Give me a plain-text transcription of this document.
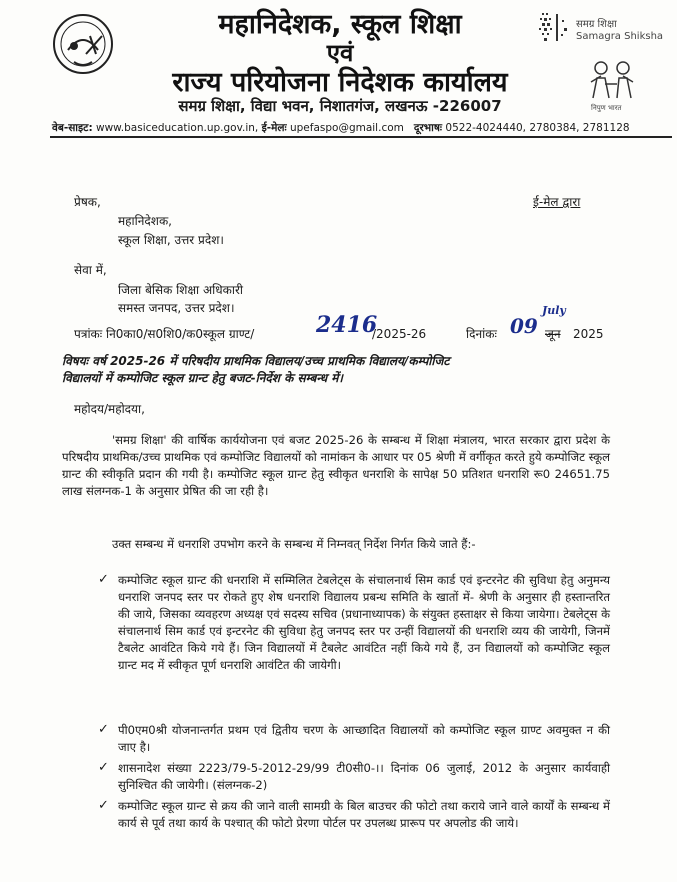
महानिदेशक, स्कूल शिक्षा
एवं
राज्य परियोजना निदेशक कार्यालय
समग्र शिक्षा, विद्या भवन, निशातगंज, लखनऊ -226007
समग्र शिक्षा
Samagra Shiksha
निपुण भारत
वेब-साइट: www.basiceducation.up.gov.in, ई-मेलः upefaspo@gmail.com दूरभाषः 0522-4024440, 2780384, 2781128
प्रेषक,	ई-मेल द्वारा
महानिदेशक,
स्कूल शिक्षा, उत्तर प्रदेश।
सेवा में,
जिला बेसिक शिक्षा अधिकारी
समस्त जनपद, उत्तर प्रदेश।
पत्रांकः नि0का0/स0शि0/क0स्कूल ग्राण्ट/	2416
/2025-26	दिनांकः 09
July
जून 2025
विषयः वर्ष 2025-26 में परिषदीय प्राथमिक विद्यालय/उच्च प्राथमिक विद्यालय/कम्पोजिट
विद्यालयों में कम्पोजिट स्कूल ग्रान्ट हेतु बजट-निर्देश के सम्बन्ध में।
महोदय/महोदया,
'समग्र शिक्षा' की वार्षिक कार्ययोजना एवं बजट 2025-26 के सम्बन्ध में शिक्षा मंत्रालय, भारत सरकार द्वारा प्रदेश के परिषदीय प्राथमिक/उच्च प्राथमिक एवं कम्पोजिट विद्यालयों को नामांकन के आधार पर 05 श्रेणी में वर्गीकृत करते हुये कम्पोजिट स्कूल ग्रान्ट की स्वीकृति प्रदान की गयी है। कम्पोजिट स्कूल ग्रान्ट हेतु स्वीकृत धनराशि के सापेक्ष 50 प्रतिशत धनराशि रू0 24651.75 लाख संलग्नक-1 के अनुसार प्रेषित की जा रही है।
उक्त सम्बन्ध में धनराशि उपभोग करने के सम्बन्ध में निम्नवत् निर्देश निर्गत किये जाते हैं:-
✓ कम्पोजिट स्कूल ग्रान्ट की धनराशि में सम्मिलित टेबलेट्स के संचालनार्थ सिम कार्ड एवं इन्टरनेट की सुविधा हेतु अनुमन्य धनराशि जनपद स्तर पर रोकते हुए शेष धनराशि विद्यालय प्रबन्ध समिति के खातों में- श्रेणी के अनुसार ही हस्तान्तरित की जाये, जिसका व्यवहरण अध्यक्ष एवं सदस्य सचिव (प्रधानाध्यापक) के संयुक्त हस्ताक्षर से किया जायेगा। टेबलेट्स के संचालनार्थ सिम कार्ड एवं इन्टरनेट की सुविधा हेतु जनपद स्तर पर उन्हीं विद्यालयों की धनराशि व्यय की जायेगी, जिनमें टैबलेट आवंटित किये गये हैं। जिन विद्यालयों में टैबलेट आवंटित नहीं किये गये हैं, उन विद्यालयों को कम्पोजिट स्कूल ग्रान्ट मद में स्वीकृत पूर्ण धनराशि आवंटित की जायेगी।
✓ पी0एम0श्री योजनान्तर्गत प्रथम एवं द्वितीय चरण के आच्छादित विद्यालयों को कम्पोजिट स्कूल ग्राण्ट अवमुक्त न की जाए है।
✓ शासनादेश संख्या 2223/79-5-2012-29/99 टी0सी0-।। दिनांक 06 जुलाई, 2012 के अनुसार कार्यवाही सुनिश्चित की जायेगी। (संलग्नक-2)
✓ कम्पोजिट स्कूल ग्रान्ट से क्रय की जाने वाली सामग्री के बिल बाउचर की फोटो तथा कराये जाने वाले कार्यों के सम्बन्ध में कार्य से पूर्व तथा कार्य के पश्चात् की फोटो प्रेरणा पोर्टल पर उपलब्ध प्रारूप पर अपलोड की जाये।
